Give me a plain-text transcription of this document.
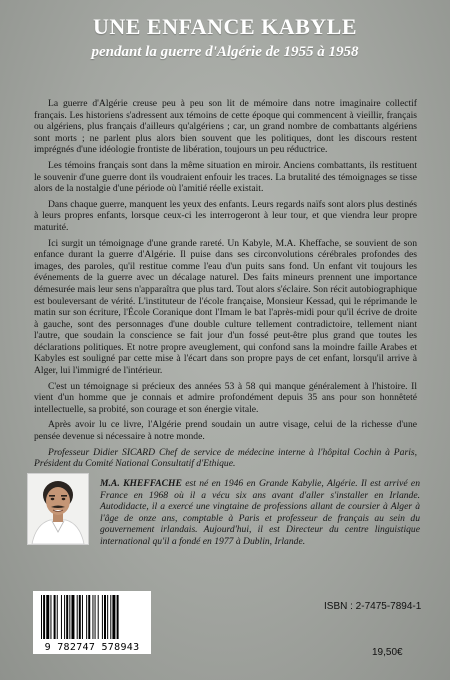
UNE ENFANCE KABYLE
pendant la guerre d'Algérie de 1955 à 1958

La guerre d'Algérie creuse peu à peu son lit de mémoire dans notre imaginaire collectif français. Les historiens s'adressent aux témoins de cette époque qui commencent à vieillir, français ou algériens, plus français d'ailleurs qu'algériens ; car, un grand nombre de combattants algériens sont morts ; ne parlent plus alors bien souvent que les politiques, dont les discours restent imprégnés d'une idéologie frontiste de libération, toujours un peu réductrice.

Les témoins français sont dans la même situation en miroir. Anciens combattants, ils restituent le souvenir d'une guerre dont ils voudraient enfouir les traces. La brutalité des témoignages se tisse alors de la nostalgie d'une période où l'amitié réelle existait.

Dans chaque guerre, manquent les yeux des enfants. Leurs regards naïfs sont alors plus destinés à leurs propres enfants, lorsque ceux-ci les interrogeront à leur tour, et que viendra leur propre maturité.

Ici surgit un témoignage d'une grande rareté. Un Kabyle, M.A. Kheffache, se souvient de son enfance durant la guerre d'Algérie. Il puise dans ses circonvolutions cérébrales profondes des images, des paroles, qu'il restitue comme l'eau d'un puits sans fond. Un enfant vit toujours les événements de la guerre avec un décalage naturel. Des faits mineurs prennent une importance démesurée mais leur sens n'apparaîtra que plus tard. Tout alors s'éclaire. Son récit autobiographique est bouleversant de vérité. L'instituteur de l'école française, Monsieur Kessad, qui le réprimande le matin sur son écriture, l'École Coranique dont l'Imam le bat l'après-midi pour qu'il écrive de droite à gauche, sont des personnages d'une double culture tellement contradictoire, tellement niant l'autre, que soudain la conscience se fait jour d'un fossé peut-être plus grand que toutes les déclarations politiques. Et notre propre aveuglement, qui confond sans la moindre faille Arabes et Kabyles est souligné par cette mise à l'écart dans son propre pays de cet enfant, lorsqu'il arrive à Alger, lui l'immigré de l'intérieur.

C'est un témoignage si précieux des années 53 à 58 qui manque généralement à l'histoire. Il vient d'un homme que je connais et admire profondément depuis 35 ans pour son honnêteté intellectuelle, sa probité, son courage et son énergie vitale.

Après avoir lu ce livre, l'Algérie prend soudain un autre visage, celui de la richesse d'une pensée devenue si nécessaire à notre monde.

Professeur Didier SICARD Chef de service de médecine interne à l'hôpital Cochin à Paris, Président du Comité National Consultatif d'Ethique.

M.A. KHEFFACHE est né en 1946 en Grande Kabylie, Algérie. Il est arrivé en France en 1968 où il a vécu six ans avant d'aller s'installer en Irlande. Autodidacte, il a exercé une vingtaine de professions allant de coursier à Alger à l'âge de onze ans, comptable à Paris et professeur de français au sein du gouvernement irlandais. Aujourd'hui, il est Directeur du centre linguistique international qu'il a fondé en 1977 à Dublin, Irlande.
ISBN : 2-7475-7894-1
9 782747 578943	19,50€
